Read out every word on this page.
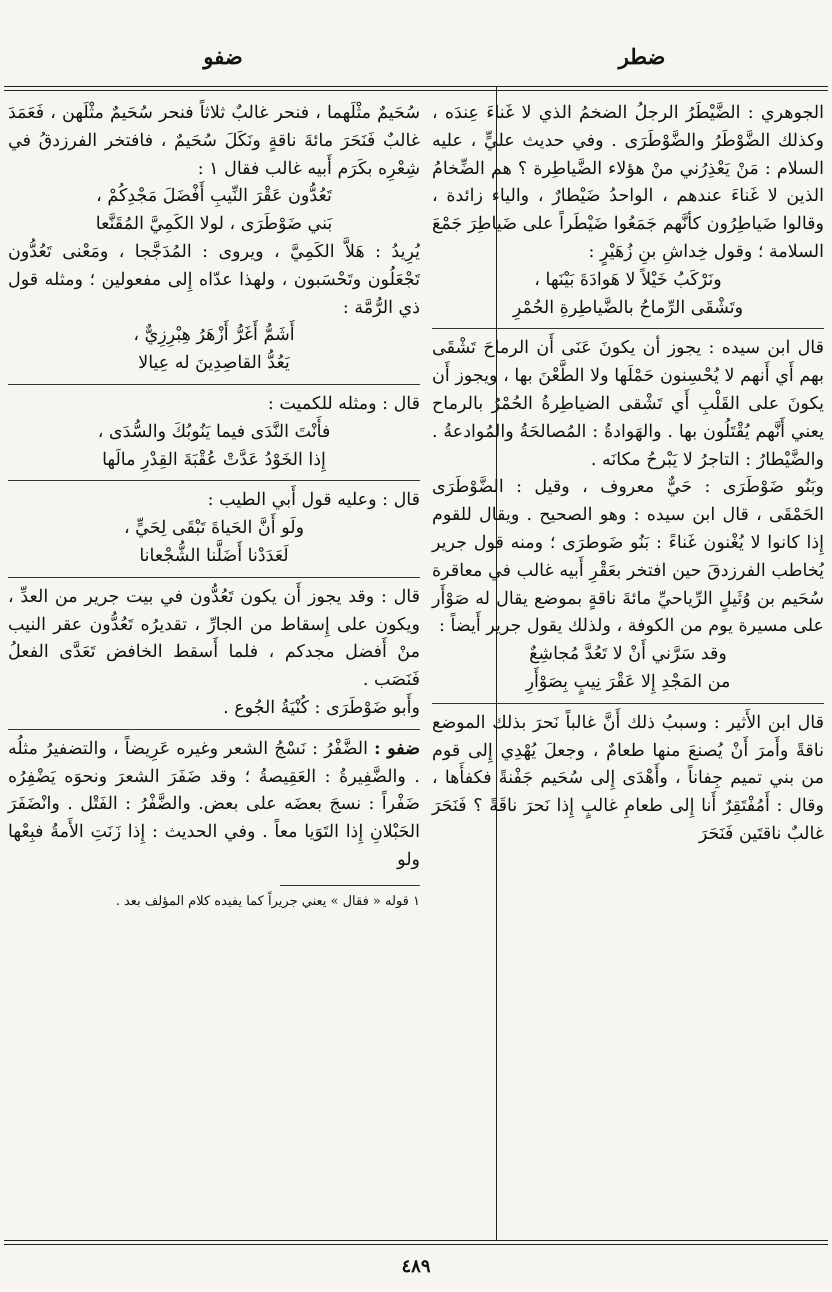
ضطر
ضفو

الجوهري : الضَّيْطَرُ الرجلُ الضخمُ الذي لا غَناءَ عِندَه ، وكذلك الضَّوْطَرُ والضَّوْطَرَى . وفي حديث عليٍّ ، عليه السلام : مَنْ يَعْذِرُني منْ هؤلاء الضَّياطِرة ؟ هم الضِّخامُ الذين لا غَناءَ عندهم ، الواحدُ ضَيْطارٌ ، والياء زائدة ، وقالوا ضَياطِرُون كأنَّهم جَمَعُوا ضَيْطَراً على ضَياطِرَ جَمْعَ السلامة ؛ وقول خِداشِ بنِ زُهَيْرٍ :

ونَرْكَبُ خَيْلاً لا هَوادَةَ بَيْنَها ،

وتَشْقَى الرِّماحُ بالضَّياطِرةِ الحُمْرِ

قال ابن سيده : يجوز أن يكونَ عَنَى أَن الرماحَ تَشْقَى بهم أَي أَنهم لا يُحْسِنون حَمْلَها ولا الطَّعْنَ بها ، ويجوز أَن يكونَ على القَلْبِ أَي تَشْقى الضياطِرةُ الحُمْرُ بالرماح يعني أَنَّهم يُقْتَلُون بها . والهَوادةُ : المُصالحَةُ والمُوادعةُ . والضَّيْطارُ : التاجرُ لا يَبْرحُ مكانَه .

وبَنُو ضَوْطَرَى : حَيٌّ معروف ، وقيل : الضَّوْطَرَى الحَمْقَى ، قال ابن سيده : وهو الصحيح . ويقال للقوم إِذا كانوا لا يُغْنون غَناءً : بَنُو ضَوطرَى ؛ ومنه قول جرير يُخاطب الفرزدقَ حين افتخر بعَقْرِ أَبيه غالب في معاقرة سُحَيم بن وُثَيلٍ الرِّياحيِّ مائةَ ناقةٍ بموضع يقال له صَوْأَر على مسيرة يوم من الكوفة ، ولذلك يقول جرير أَيضاً :

وقد سَرَّني أَنْ لا تَعُدَّ مُجاشِعٌ

من المَجْدِ إِلا عَقْرَ نِيبٍ بِصَوْأَرِ

قال ابن الأَثير : وسببُ ذلك أَنَّ غالباً نَحرَ بذلك الموضع ناقةً وأَمرَ أَنْ يُصنعَ منها طعامٌ ، وجعلَ يُهْدِي إِلى قوم من بني تميم جِفاناً ، وأَهْدَى إِلى سُحَيم جَفْنةً فكفأَها ، وقال : أَمُفْتَقِرٌ أَنا إِلى طعامِ غالبٍ إِذا نَحرَ ناقَةً ؟ فَنَحَرَ غالبٌ ناقتَين فَنَحَرَ

سُحَيمٌ مثْلَهما ، فنحر غالبٌ ثلاثاً فنحر سُحَيمٌ مثْلَهن ، فَعَمَدَ غالبٌ فَنَحَرَ مائةَ ناقةٍ ونَكَلَ سُحَيمٌ ، فافتخر الفرزدقُ في شِعْرِه بكَرَم أَبيه غالب فقال ١ :

تَعُدُّون عَقْرَ النِّيبِ أَفْضَلَ مَجْدِكُمْ ،

بَني ضَوْطَرَى ، لولا الكَمِيَّ المُقَنَّعا

يُرِيدُ : هَلاَّ الكَمِيَّ ، ويروى : المُدَجَّجا ، ومَعْنى تَعُدُّون تَجْعَلُون وتَحْسَبون ، ولهذا عدّاه إِلى مفعولين ؛ ومثله قول ذي الرُّمَّة :

أَشَمُّ أَغَرُّ أَزْهَرُ هِبْرِزِيٌّ ،

يَعُدُّ القاصِدِينَ له عِيالا

قال : ومثله للكميت :

فأَنْتَ النَّدَى فيما يَنُوبُكَ والسُّدَى ،

إِذا الخَوْدُ عَدَّتْ عُقْبَةَ القِدْرِ مالَها

قال : وعليه قول أَبي الطيب :

ولَو أَنَّ الحَياةَ تَبْقَى لِحَيٍّ ،

لَعَدَدْنا أَضَلَّنا الشُّجْعانا

قال : وقد يجوز أَن يكون تَعُدُّون في بيت جرير من العدِّ ، ويكون على إِسقاط من الجارِّ ، تقديرُه تَعُدُّون عقر النيب منْ أَفضل مجدكم ، فلما أَسقط الخافض تَعَدَّى الفعلُ فَنَصَب .

وأَبو ضَوْطَرَى : كُنْيَةُ الجُوع .

ضفو : الضَّفْرُ : نَسْجُ الشعر وغيره عَرِيضاً ، والتضفيرُ مثلُه . والضَّفِيرةُ : العَقِيصةُ ؛ وقد ضَفَرَ الشعرَ ونحوَه يَضْفِرُه ضَفْراً : نسجَ بعضَه على بعض. والضَّفْرُ : الفَتْل . وانْضَفَرَ الحَبْلانِ إِذا التَوَيا معاً . وفي الحديث : إِذا زَنَتِ الأَمةُ فبِعْها ولو

١ قوله « فقال » يعني جريراً كما يفيده كلام المؤلف بعد .

٤٨٩
